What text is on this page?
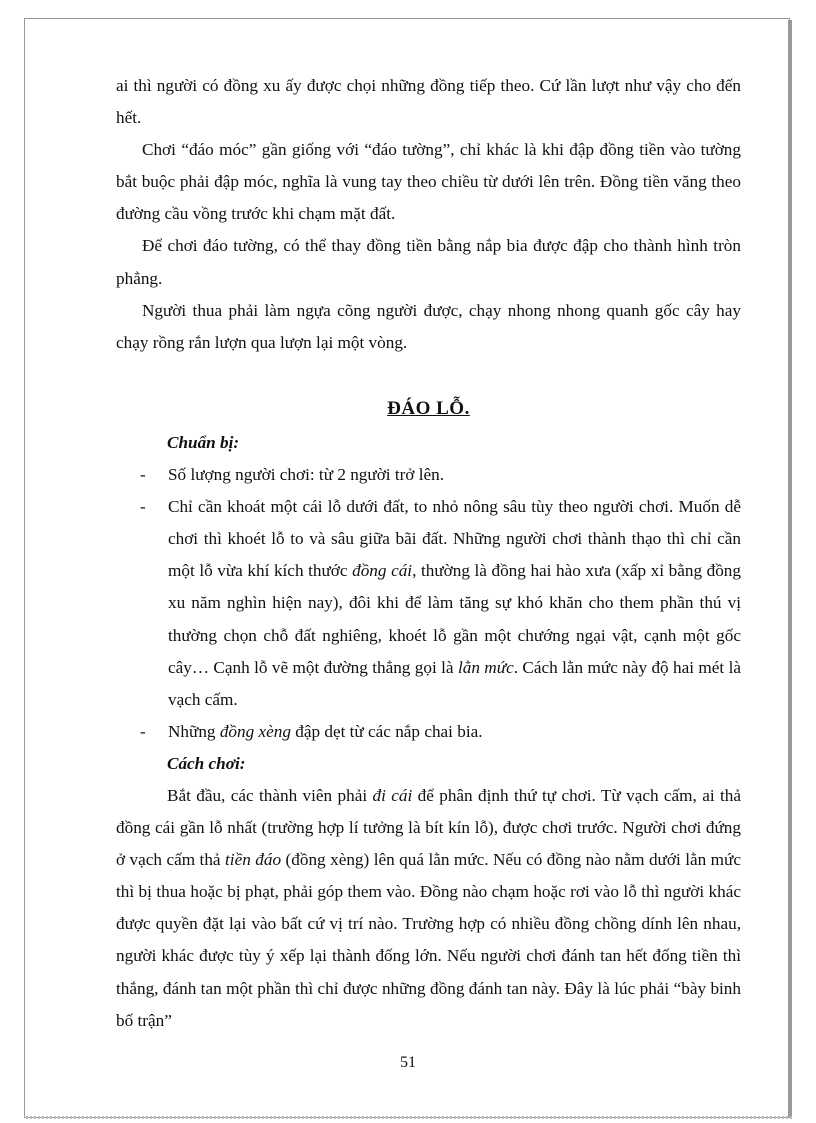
ai thì người có đồng xu ấy được chọi những đồng tiếp theo. Cứ lần lượt như vậy cho đến hết.

Chơi “đáo móc” gần giống với “đáo tường”, chỉ khác là khi đập đồng tiền vào tường bắt buộc phải đập móc, nghĩa là vung tay theo chiều từ dưới lên trên. Đồng tiền văng theo đường cầu vồng trước khi chạm mặt đất.

Để chơi đáo tường, có thể thay đồng tiền bằng nắp bia được đập cho thành hình tròn phẳng.

Người thua phải làm ngựa cõng người được, chạy nhong nhong quanh gốc cây hay chạy rồng rắn lượn qua lượn lại một vòng.

ĐÁO LỖ.
Chuẩn bị:
-	Số lượng người chơi: từ 2 người trở lên.
-	Chỉ cần khoát một cái lỗ dưới đất, to nhỏ nông sâu tùy theo người chơi. Muốn dễ chơi thì khoét lỗ to và sâu giữa bãi đất. Những người chơi thành thạo thì chỉ cần một lỗ vừa khí kích thước đồng cái, thường là đồng hai hào xưa (xấp xỉ bằng đồng xu năm nghìn hiện nay), đôi khi để làm tăng sự khó khăn cho them phần thú vị thường chọn chỗ đất nghiêng, khoét lỗ gần một chướng ngại vật, cạnh một gốc cây… Cạnh lỗ vẽ một đường thẳng gọi là lằn mức. Cách lằn mức này độ hai mét là vạch cấm.
-	Những đồng xèng đập dẹt từ các nắp chai bia.
Cách chơi:

Bắt đầu, các thành viên phải đi cái để phân định thứ tự chơi. Từ vạch cấm, ai thả đồng cái gần lỗ nhất (trường hợp lí tưởng là bít kín lỗ), được chơi trước. Người chơi đứng ở vạch cấm thả tiền đáo (đồng xèng) lên quá lằn mức. Nếu có đồng nào nằm dưới lằn mức thì bị thua hoặc bị phạt, phải góp them vào. Đồng nào chạm hoặc rơi vào lỗ thì người khác được quyền đặt lại vào bất cứ vị trí nào. Trường hợp có nhiều đồng chồng dính lên nhau, người khác được tùy ý xếp lại thành đống lớn. Nếu người chơi đánh tan hết đống tiền thì thắng, đánh tan một phần thì chỉ được những đồng đánh tan này. Đây là lúc phải “bày binh bố trận”

51
